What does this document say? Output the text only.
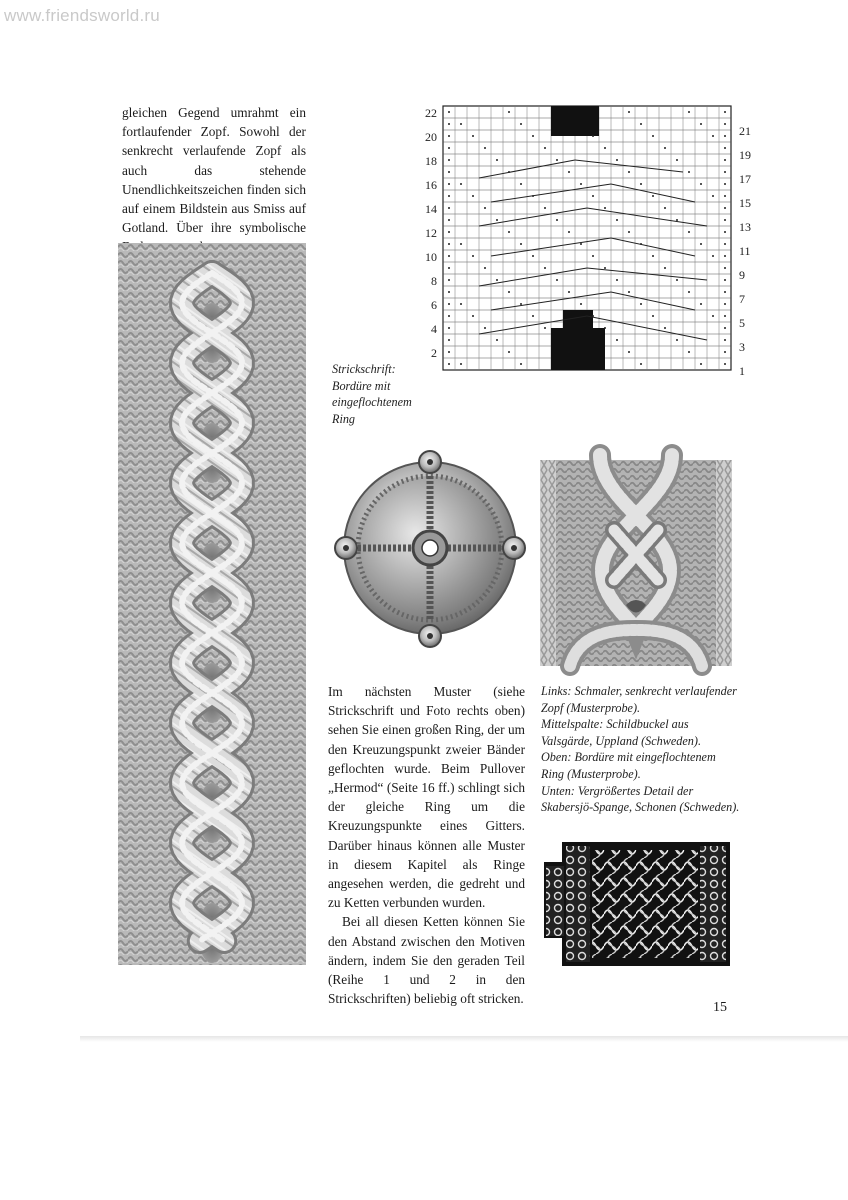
www.friendsworld.ru

gleichen Gegend umrahmt ein fortlaufender Zopf. Sowohl der senkrecht verlaufende Zopf als auch das stehende Unendlichkeitszeichen finden sich auf einem Bildstein aus Smiss auf Gotland. Über ihre symbolische

22
20
18
16
14
12
10
8
6
4
2
21
19
17
15
13
11
9
7
5
3
1

Strickschrift:

Bordüre mit

eingeflochtenem

Ring

Im nächsten Muster (siehe Strickschrift und Foto rechts oben) sehen Sie einen großen Ring, der um den Kreuzungspunkt zweier Bänder geflochten wurde. Beim Pullover „Hermod“ (Seite 16 ff.) schlingt sich der gleiche Ring um die Kreuzungspunkte eines Gitters. Darüber hinaus können alle Muster in diesem Kapitel als Ringe angesehen werden, die gedreht und zu Ketten verbunden wurden.

Bei all diesen Ketten können Sie den Abstand zwischen den Motiven ändern, indem Sie den geraden Teil (Reihe 1 und 2 in den Strickschriften) beliebig oft stricken.

Links: Schmaler, senkrecht verlaufender Zopf (Musterprobe).

Mittelspalte: Schildbuckel aus Valsgärde, Uppland (Schweden).

Oben: Bordüre mit eingeflochtenem Ring (Musterprobe).

Unten: Vergrößertes Detail der Skabersjö-Spange, Schonen (Schweden).

15
